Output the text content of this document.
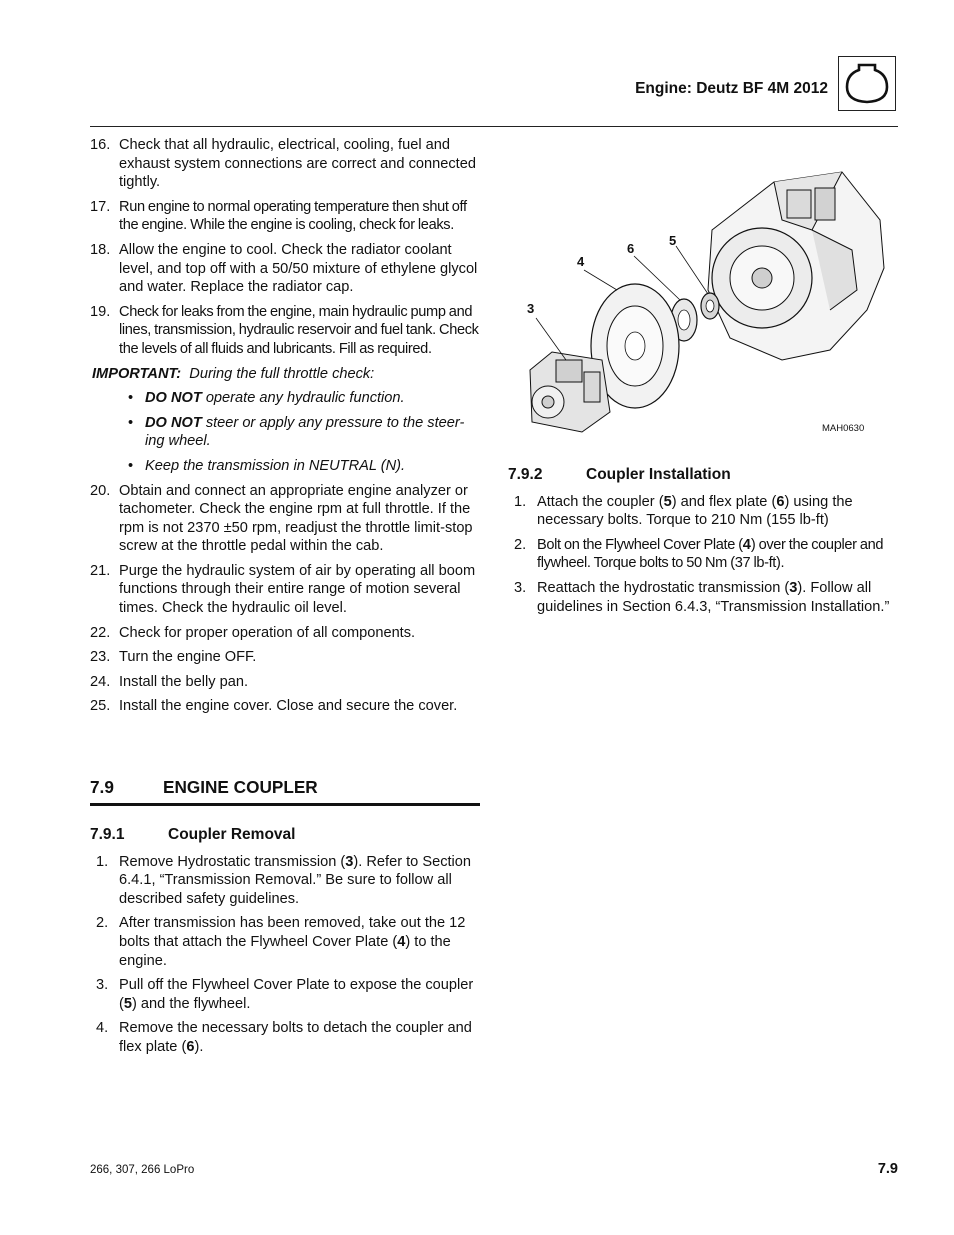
Engine: Deutz BF 4M 2012
16. Check that all hydraulic, electrical, cooling, fuel and exhaust system connections are correct and connected tightly.
17. Run engine to normal operating temperature then shut off the engine. While the engine is cooling, check for leaks.
18. Allow the engine to cool. Check the radiator coolant level, and top off with a 50/50 mixture of ethylene glycol and water. Replace the radiator cap.
19. Check for leaks from the engine, main hydraulic pump and lines, transmission, hydraulic reservoir and fuel tank. Check the levels of all fluids and lubricants. Fill as required.
IMPORTANT: During the full throttle check:
• DO NOT operate any hydraulic function.
• DO NOT steer or apply any pressure to the steer-ing wheel.
• Keep the transmission in NEUTRAL (N).
20. Obtain and connect an appropriate engine analyzer or tachometer. Check the engine rpm at full throttle. If the rpm is not 2370 ±50 rpm, readjust the throttle limit-stop screw at the throttle pedal within the cab.
21. Purge the hydraulic system of air by operating all boom functions through their entire range of motion several times. Check the hydraulic oil level.
22. Check for proper operation of all components.
23. Turn the engine OFF.
24. Install the belly pan.
25. Install the engine cover. Close and secure the cover.
7.9	ENGINE COUPLER
7.9.1	Coupler Removal
1. Remove Hydrostatic transmission (3). Refer to Section 6.4.1, “Transmission Removal.” Be sure to follow all described safety guidelines.
2. After transmission has been removed, take out the 12 bolts that attach the Flywheel Cover Plate (4) to the engine.
3. Pull off the Flywheel Cover Plate to expose the coupler (5) and the flywheel.
4. Remove the necessary bolts to detach the coupler and flex plate (6).
3
4
6
5
MAH0630
7.9.2	Coupler Installation
1. Attach the coupler (5) and flex plate (6) using the necessary bolts. Torque to 210 Nm (155 lb-ft)
2. Bolt on the Flywheel Cover Plate (4) over the coupler and flywheel. Torque bolts to 50 Nm (37 lb-ft).
3. Reattach the hydrostatic transmission (3). Follow all guidelines in Section 6.4.3, “Transmission Installation.”
266, 307, 266 LoPro	7.9
